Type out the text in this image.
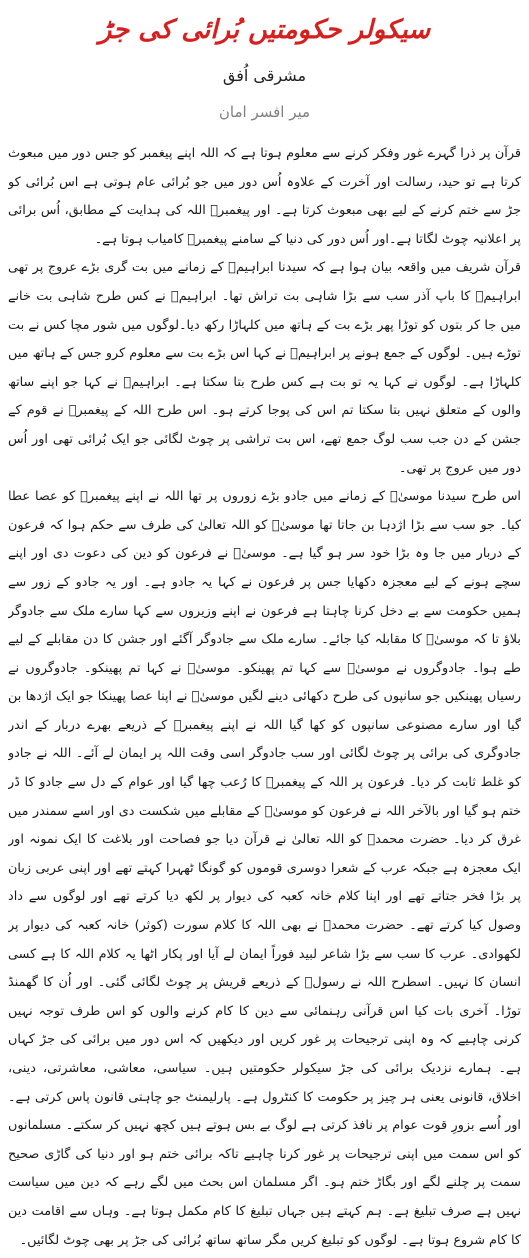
سیکولر حکومتیں بُرائی کی جڑ
مشرقی اُفق
میر افسر امان

قرآن پر ذرا گہرے غور وفکر کرنے سے معلوم ہوتا ہے کہ اللہ اپنے پیغمبر کو جس دور میں مبعوث کرتا ہے تو حید، رسالت اور آخرت کے علاوہ اُس دور میں جو بُرائی عام ہوتی ہے اس بُرائی کو جڑ سے ختم کرنے کے لیے بھی مبعوث کرتا ہے۔ اور پیغمبرؑ اللہ کی ہدایت کے مطابق، اُس برائی پر اعلانیہ چوٹ لگاتا ہے۔اور اُس دور کی دنیا کے سامنے پیغمبرؑ کامیاب ہوتا ہے۔

قرآن شریف میں واقعہ بیان ہوا ہے کہ سیدنا ابراہیمؑ کے زمانے میں بت گری بڑے عروج پر تھی ابراہیمؑ کا باپ آذر سب سے بڑا شاہی بت تراش تھا۔ ابراہیمؑ نے کس طرح شاہی بت خانے میں جا کر بتوں کو توڑا پھر بڑے بت کے ہاتھ میں کلہاڑا رکھ دیا۔لوگوں میں شور مچا کس نے بت توڑے ہیں۔ لوگوں کے جمع ہونے پر ابراہیمؑ نے کہا اس بڑے بت سے معلوم کرو جس کے ہاتھ میں کلہاڑا ہے۔ لوگوں نے کہا یہ تو بت ہے کس طرح بتا سکتا ہے۔ ابراہیمؑ نے کہا جو اپنے ساتھ والوں کے متعلق نہیں بتا سکتا تم اس کی پوجا کرتے ہو۔ اس طرح اللہ کے پیغمبرؑ نے قوم کے جشن کے دن جب سب لوگ جمع تھے، اس بت تراشی پر چوٹ لگائی جو ایک بُرائی تھی اور اُس دور میں عروج پر تھی۔

اس طرح سیدنا موسیٰؑ کے زمانے میں جادو بڑے زوروں پر تھا اللہ نے اپنے پیغمبرؑ کو عصا عطا کیا۔ جو سب سے بڑا اژدہا بن جاتا تھا موسیٰؑ کو اللہ تعالیٰ کی طرف سے حکم ہوا کہ فرعون کے دربار میں جا وہ بڑا خود سر ہو گیا ہے۔ موسیٰؑ نے فرعون کو دین کی دعوت دی اور اپنے سچے ہونے کے لیے معجزہ دکھایا جس پر فرعون نے کہا یہ جادو ہے۔ اور یہ جادو کے زور سے ہمیں حکومت سے بے دخل کرنا چاہتا ہے فرعون نے اپنے وزیروں سے کہا سارے ملک سے جادوگر بلاؤ تا کہ موسیٰؑ کا مقابلہ کیا جائے۔ سارے ملک سے جادوگر آگئے اور جشن کا دن مقابلے کے لیے طے ہوا۔ جادوگروں نے موسیٰؑ سے کہا تم پھینکو۔ موسیٰؑ نے کہا تم پھینکو۔ جادوگروں نے رسیاں پھینکیں جو سانپوں کی طرح دکھائی دینے لگیں موسیٰؑ نے اپنا عصا پھینکا جو ایک اژدھا بن گیا اور سارے مصنوعی سانپوں کو کھا گیا اللہ نے اپنے پیغمبرؑ کے ذریعے بھرے دربار کے اندر جادوگری کی برائی پر چوٹ لگائی اور سب جادوگر اسی وقت اللہ پر ایمان لے آئے۔ اللہ نے جادو کو غلط ثابت کر دیا۔ فرعون پر اللہ کے پیغمبرؑ کا رُعب چھا گیا اور عوام کے دل سے جادو کا ڈر ختم ہو گیا اور بالآخر اللہ نے فرعون کو موسیٰؑ کے مقابلے میں شکست دی اور اسے سمندر میں غرق کر دیا۔ حضرت محمدؐ کو اللہ تعالیٰ نے قرآن دیا جو فصاحت اور بلاغت کا ایک نمونہ اور ایک معجزہ ہے جبکہ عرب کے شعرا دوسری قوموں کو گونگا ٹھہرا کہتے تھے اور اپنی عربی زبان پر بڑا فخر جتاتے تھے اور اپنا کلام خانہ کعبہ کی دیوار پر لکھ دیا کرتے تھے اور لوگوں سے داد وصول کیا کرتے تھے۔ حضرت محمدؐ نے بھی اللہ کا کلام سورت (کوثر) خانہ کعبہ کی دیوار پر لکھوادی۔ عرب کا سب سے بڑا شاعر لبید فوراً ایمان لے آیا اور پکار اٹھا یہ کلام اللہ کا ہے کسی انسان کا نہیں۔ اسطرح اللہ نے رسولؐ کے ذریعے قریش پر چوٹ لگائی گئی۔ اور اُن کا گھمنڈ توڑا۔ آخری بات کیا اس قرآنی رہنمائی سے دین کا کام کرنے والوں کو اس طرف توجہ نہیں کرنی چاہیے کہ وہ اپنی ترجیحات پر غور کریں اور دیکھیں کہ اس دور میں برائی کی جڑ کہاں ہے۔ ہمارے نزدیک برائی کی جڑ سیکولر حکومتیں ہیں۔ سیاسی، معاشی، معاشرتی، دینی، اخلاق، قانونی یعنی ہر چیز پر حکومت کا کنٹرول ہے۔ پارلیمنٹ جو چاہتی قانون پاس کرتی ہے۔ اور اُسے بزورِ قوت عوام پر نافذ کرتی ہے لوگ بے بس ہوتے ہیں کچھ نہیں کر سکتے۔ مسلمانوں کو اس سمت میں اپنی ترجیحات پر غور کرنا چاہیے تاکہ برائی ختم ہو اور دنیا کی گاڑی صحیح سمت پر چلنے لگے اور بگاڑ ختم ہو۔ اگر مسلمان اس بحث میں لگے رہے کہ دین میں سیاست نہیں ہے صرف تبلیغ ہے۔ ہم کہتے ہیں جہاں تبلیغ کا کام مکمل ہوتا ہے۔ وہاں سے اقامت دین کا کام شروع ہوتا ہے۔ لوگوں کو تبلیغ کریں مگر ساتھ ساتھ بُرائی کی جڑ پر بھی چوٹ لگائیں۔
